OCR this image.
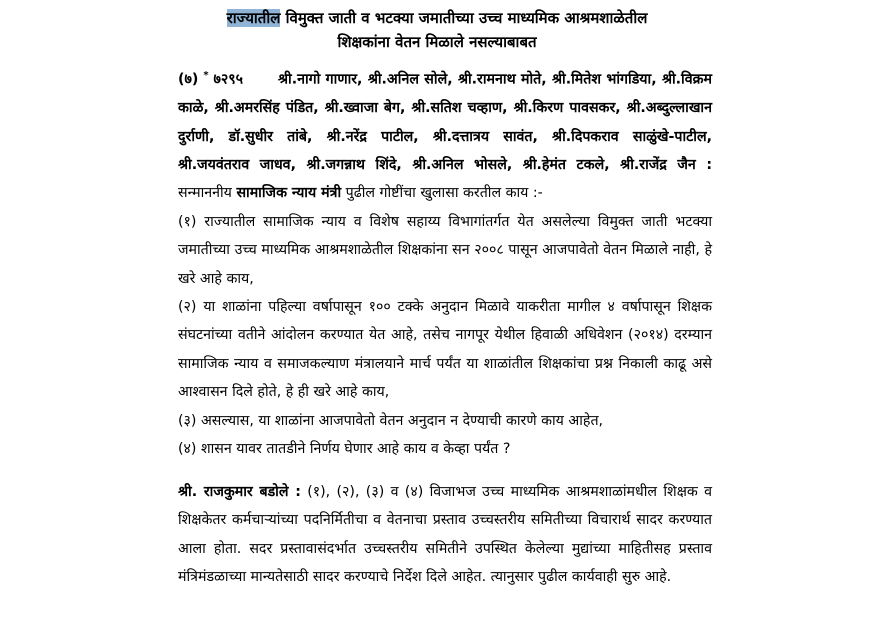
राज्यातील विमुक्त जाती व भटक्या जमातीच्या उच्च माध्यमिक आश्रमशाळेतील
शिक्षकांना वेतन मिळाले नसल्याबाबत

(७) * ७२९५ श्री.नागो गाणार, श्री.अनिल सोले, श्री.रामनाथ मोते, श्री.मितेश भांगडिया, श्री.विक्रम काळे, श्री.अमरसिंह पंडित, श्री.ख्वाजा बेग, श्री.सतिश चव्हाण, श्री.किरण पावसकर, श्री.अब्दुल्लाखान दुर्राणी, डॉ.सुधीर तांबे, श्री.नरेंद्र पाटील, श्री.दत्तात्रय सावंत, श्री.दिपकराव साळुंखे-पाटील, श्री.जयवंतराव जाधव, श्री.जगन्नाथ शिंदे, श्री.अनिल भोसले, श्री.हेमंत टकले, श्री.राजेंद्र जैन : सन्माननीय सामाजिक न्याय मंत्री पुढील गोष्टींचा खुलासा करतील काय :-

(१) राज्यातील सामाजिक न्याय व विशेष सहाय्य विभागांतर्गत येत असलेल्या विमुक्त जाती भटक्या जमातीच्या उच्च माध्यमिक आश्रमशाळेतील शिक्षकांना सन २००८ पासून आजपावेतो वेतन मिळाले नाही, हे खरे आहे काय,

(२) या शाळांना पहिल्या वर्षापासून १०० टक्के अनुदान मिळावे याकरीता मागील ४ वर्षापासून शिक्षक संघटनांच्या वतीने आंदोलन करण्यात येत आहे, तसेच नागपूर येथील हिवाळी अधिवेशन (२०१४) दरम्यान सामाजिक न्याय व समाजकल्याण मंत्रालयाने मार्च पर्यंत या शाळांतील शिक्षकांचा प्रश्न निकाली काढू असे आश्वासन दिले होते, हे ही खरे आहे काय,

(३) असल्यास, या शाळांना आजपावेतो वेतन अनुदान न देण्याची कारणे काय आहेत,

(४) शासन यावर तातडीने निर्णय घेणार आहे काय व केव्हा पर्यंत ?

श्री. राजकुमार बडोले : (१), (२), (३) व (४) विजाभज उच्च माध्यमिक आश्रमशाळांमधील शिक्षक व शिक्षकेतर कर्मचाऱ्यांच्या पदनिर्मितीचा व वेतनाचा प्रस्ताव उच्चस्तरीय समितीच्या विचारार्थ सादर करण्यात आला होता. सदर प्रस्तावासंदर्भात उच्चस्तरीय समितीने उपस्थित केलेल्या मुद्यांच्या माहितीसह प्रस्ताव मंत्रिमंडळाच्या मान्यतेसाठी सादर करण्याचे निर्देश दिले आहेत. त्यानुसार पुढील कार्यवाही सुरु आहे.
